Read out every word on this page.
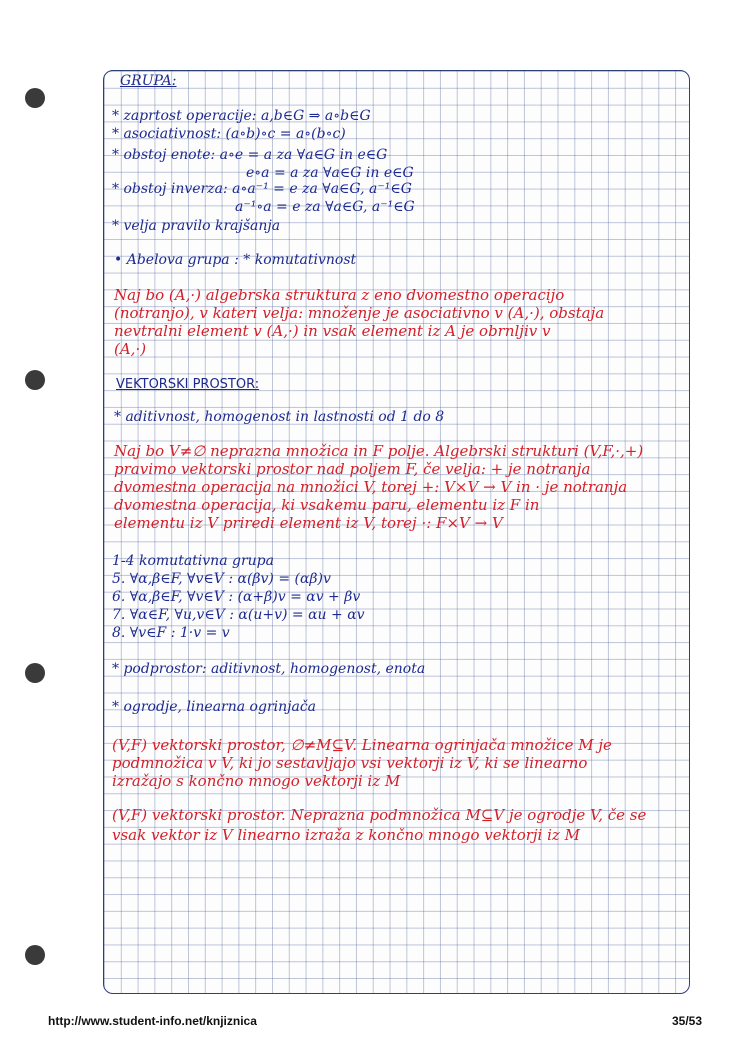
GRUPA:
* zaprtost operacije: a,b∈G ⇒ a∘b∈G
* asociativnost: (a∘b)∘c = a∘(b∘c)
* obstoj enote: a∘e = a za ∀a∈G in e∈G
e∘a = a za ∀a∈G in e∈G
* obstoj inverza: a∘a⁻¹ = e za ∀a∈G, a⁻¹∈G
a⁻¹∘a = e za ∀a∈G, a⁻¹∈G
* velja pravilo krajšanja
• Abelova grupa : * komutativnost
Naj bo (A,·) algebrska struktura z eno dvomestno operacijo
(notranjo), v kateri velja: množenje je asociativno v (A,·), obstaja
nevtralni element v (A,·) in vsak element iz A je obrnljiv v
(A,·)
VEKTORSKI PROSTOR:
* aditivnost, homogenost in lastnosti od 1 do 8
Naj bo V≠∅ neprazna množica in F polje. Algebrski strukturi (V,F,·,+)
pravimo vektorski prostor nad poljem F, če velja: + je notranja
dvomestna operacija na množici V, torej +: V×V → V in · je notranja
dvomestna operacija, ki vsakemu paru, elementu iz F in
elementu iz V priredi element iz V, torej ·: F×V → V
1-4 komutativna grupa
5. ∀α,β∈F, ∀v∈V : α(βv) = (αβ)v
6. ∀α,β∈F, ∀v∈V : (α+β)v = αv + βv
7. ∀α∈F, ∀u,v∈V : α(u+v) = αu + αv
8. ∀v∈F : 1·v = v
* podprostor: aditivnost, homogenost, enota
* ogrodje, linearna ogrinjača
(V,F) vektorski prostor, ∅≠M⊆V. Linearna ogrinjača množice M je
podmnožica v V, ki jo sestavljajo vsi vektorji iz V, ki se linearno
izražajo s končno mnogo vektorji iz M
(V,F) vektorski prostor. Neprazna podmnožica M⊆V je ogrodje V, če se
vsak vektor iz V linearno izraža z končno mnogo vektorji iz M
http://www.student-info.net/knjiznica	35/53
